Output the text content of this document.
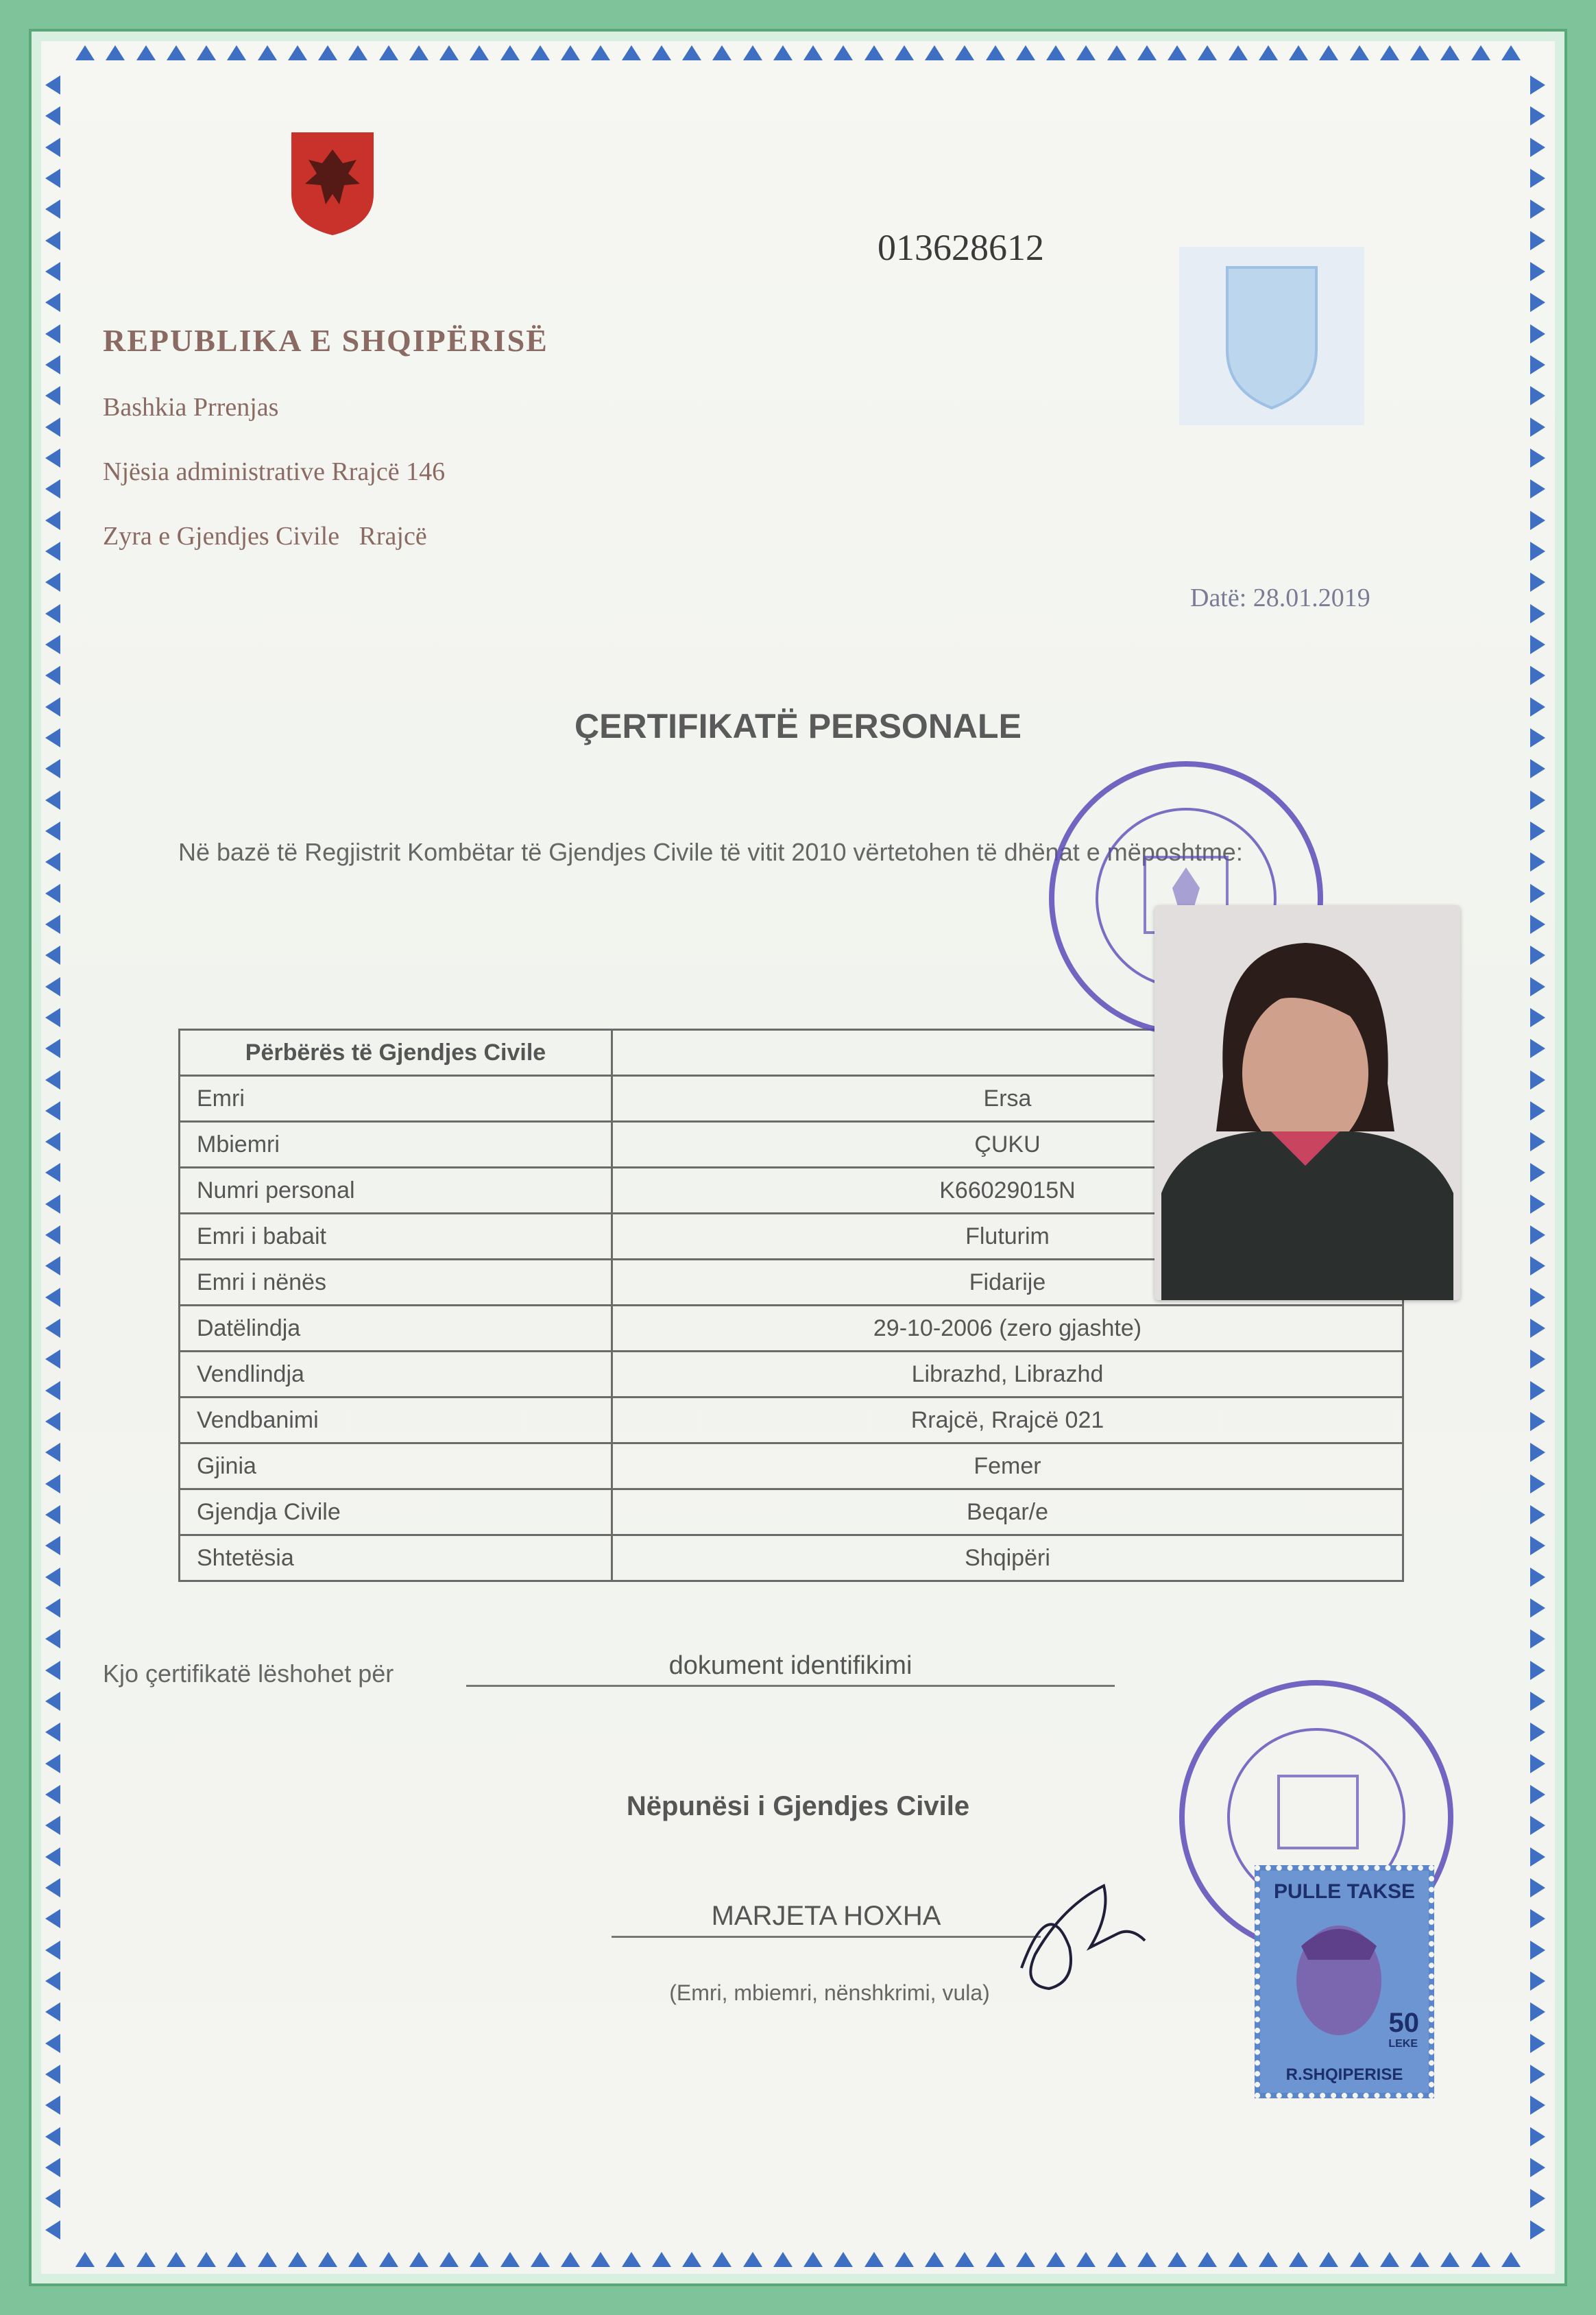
REPUBLIKA E SHQIPËRISË
Bashkia Prrenjas
Njësia administrative Rrajcë 146
Zyra e Gjendjes Civile   Rrajcë
013628612
Datë: 28.01.2019
ÇERTIFIKATË PERSONALE
Në bazë të Regjistrit Kombëtar të Gjendjes Civile të vitit 2010 vërtetohen të dhënat e mëposhtme:
Përbërës të Gjendjes Civile	
Emri	Ersa
Mbiemri	ÇUKU
Numri personal	K66029015N
Emri i babait	Fluturim
Emri i nënës	Fidarije
Datëlindja	29-10-2006 (zero gjashte)
Vendlindja	Librazhd, Librazhd
Vendbanimi	Rrajcë, Rrajcë 021
Gjinia	Femer
Gjendja Civile	Beqar/e
Shtetësia	Shqipëri
Kjo çertifikatë lëshohet për	dokument identifikimi
Nëpunësi i Gjendjes Civile
MARJETA HOXHA
(Emri, mbiemri, nënshkrimi, vula)
PULLE TAKSE
50
LEKE
R.SHQIPERISE
